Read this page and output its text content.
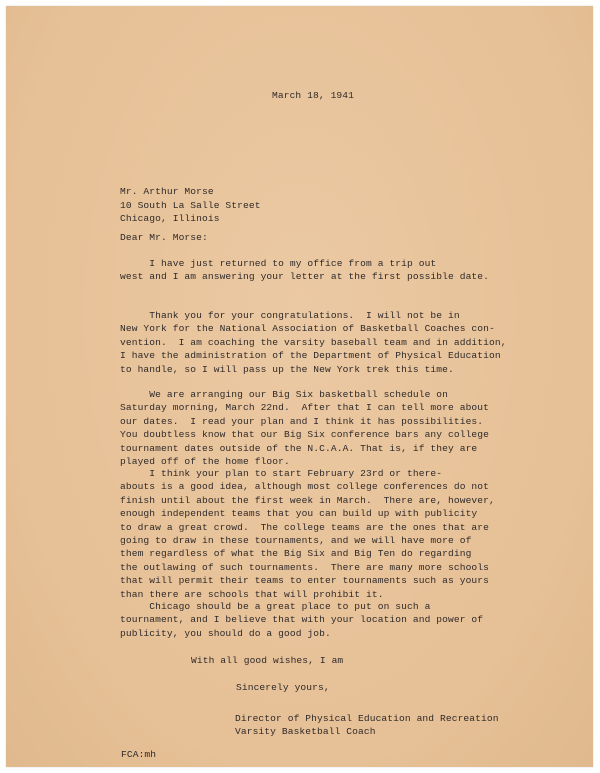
March 18, 1941

Mr. Arthur Morse
10 South La Salle Street
Chicago, Illinois

Dear Mr. Morse:

I have just returned to my office from a trip out
west and I am answering your letter at the first possible date.
Thank you for your congratulations.  I will not be in
New York for the National Association of Basketball Coaches con-
vention.  I am coaching the varsity baseball team and in addition,
I have the administration of the Department of Physical Education
to handle, so I will pass up the New York trek this time.
We are arranging our Big Six basketball schedule on
Saturday morning, March 22nd.  After that I can tell more about
our dates.  I read your plan and I think it has possibilities.
You doubtless know that our Big Six conference bars any college
tournament dates outside of the N.C.A.A. That is, if they are
played off of the home floor.
I think your plan to start February 23rd or there-
abouts is a good idea, although most college conferences do not
finish until about the first week in March.  There are, however,
enough independent teams that you can build up with publicity
to draw a great crowd.  The college teams are the ones that are
going to draw in these tournaments, and we will have more of
them regardless of what the Big Six and Big Ten do regarding
the outlawing of such tournaments.  There are many more schools
that will permit their teams to enter tournaments such as yours
than there are schools that will prohibit it.
Chicago should be a great place to put on such a
tournament, and I believe that with your location and power of
publicity, you should do a good job.

With all good wishes, I am

Sincerely yours,

Director of Physical Education and Recreation
Varsity Basketball Coach

FCA:mh
